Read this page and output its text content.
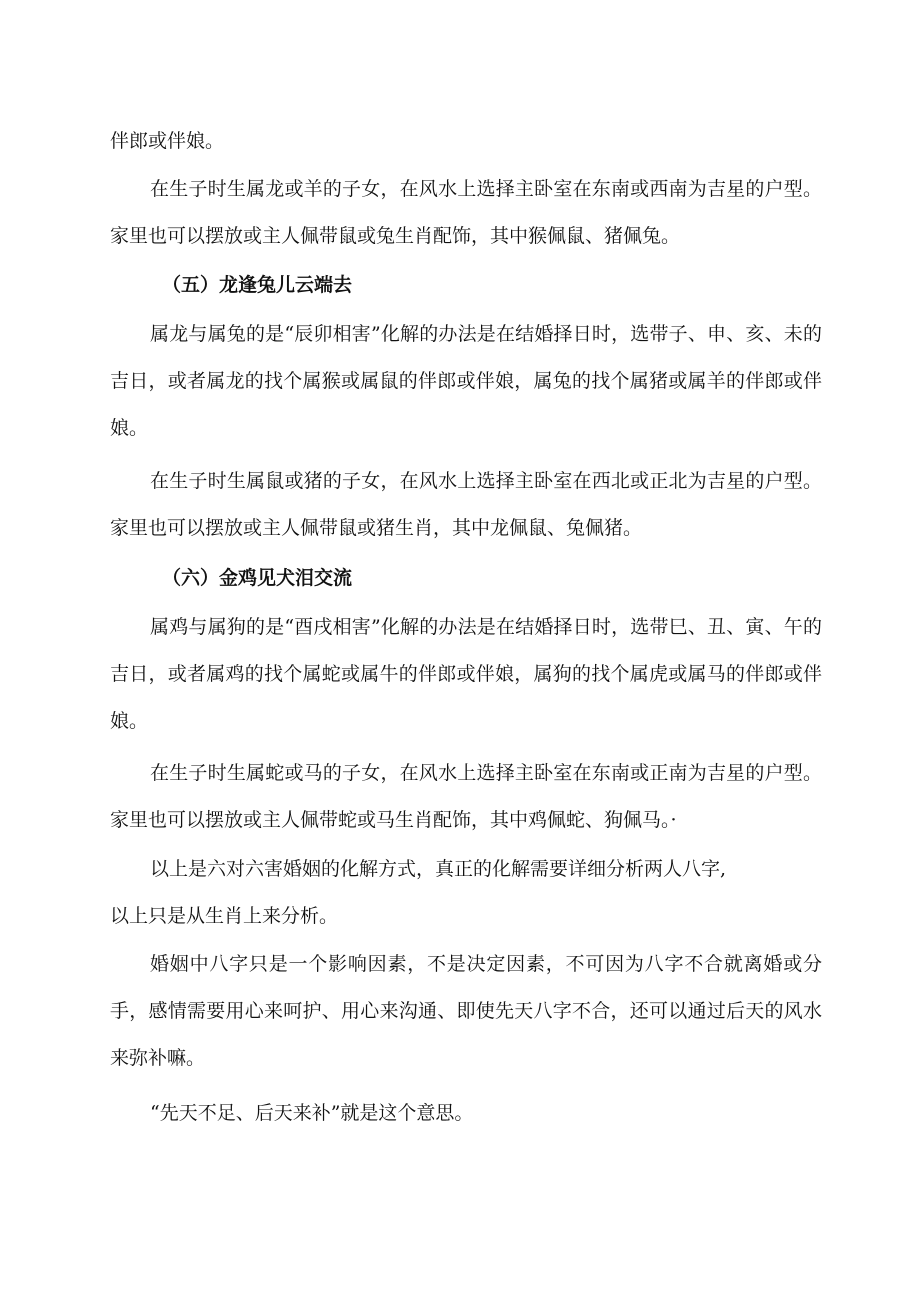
伴郎或伴娘。

在生子时生属龙或羊的子女，在风水上选择主卧室在东南或西南为吉星的户型。家里也可以摆放或主人佩带鼠或兔生肖配饰，其中猴佩鼠、猪佩兔。

（五）龙逢兔儿云端去

属龙与属兔的是“辰卯相害”化解的办法是在结婚择日时，选带子、申、亥、未的吉日，或者属龙的找个属猴或属鼠的伴郎或伴娘，属兔的找个属猪或属羊的伴郎或伴娘。

在生子时生属鼠或猪的子女，在风水上选择主卧室在西北或正北为吉星的户型。家里也可以摆放或主人佩带鼠或猪生肖，其中龙佩鼠、兔佩猪。

（六）金鸡见犬泪交流

属鸡与属狗的是“酉戌相害”化解的办法是在结婚择日时，选带巳、丑、寅、午的吉日，或者属鸡的找个属蛇或属牛的伴郎或伴娘，属狗的找个属虎或属马的伴郎或伴娘。

在生子时生属蛇或马的子女，在风水上选择主卧室在东南或正南为吉星的户型。家里也可以摆放或主人佩带蛇或马生肖配饰，其中鸡佩蛇、狗佩马。·

以上是六对六害婚姻的化解方式，真正的化解需要详细分析两人八字,

以上只是从生肖上来分析。

婚姻中八字只是一个影响因素，不是决定因素，不可因为八字不合就离婚或分手，感情需要用心来呵护、用心来沟通、即使先天八字不合，还可以通过后天的风水来弥补嘛。

“先天不足、后天来补”就是这个意思。
